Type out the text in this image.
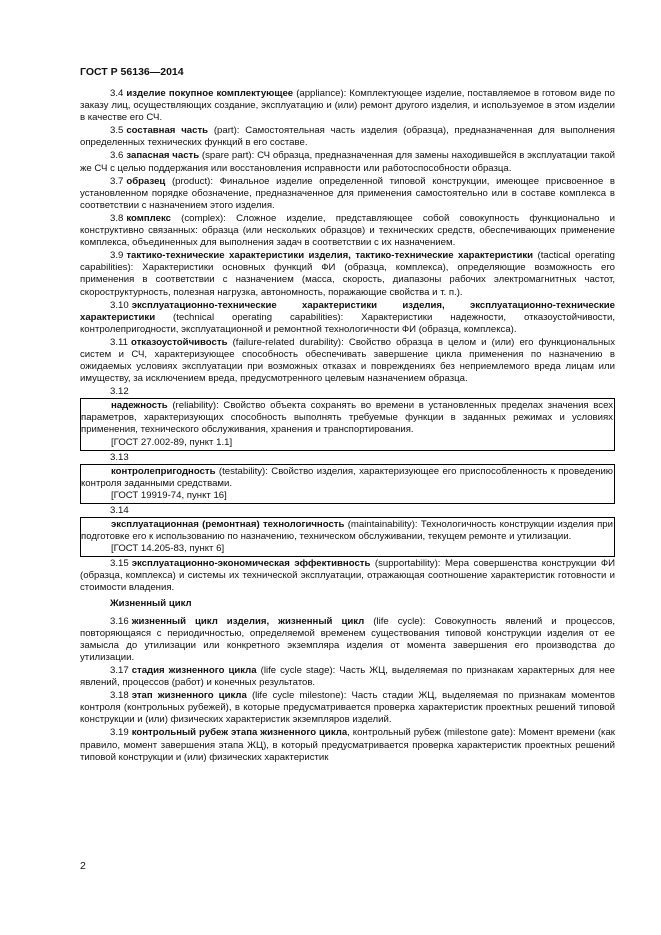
ГОСТ Р 56136—2014

3.4 изделие покупное комплектующее (appliance): Комплектующее изделие, поставляемое в готовом виде по заказу лиц, осуществляющих создание, эксплуатацию и (или) ремонт другого изделия, и используемое в этом изделии в качестве его СЧ.

3.5 составная часть (part): Самостоятельная часть изделия (образца), предназначенная для выполнения определенных технических функций в его составе.

3.6 запасная часть (spare part): СЧ образца, предназначенная для замены находившейся в эксплуатации такой же СЧ с целью поддержания или восстановления исправности или работоспособности образца.

3.7 образец (product): Финальное изделие определенной типовой конструкции, имеющее присвоенное в установленном порядке обозначение, предназначенное для применения самостоятельно или в составе комплекса в соответствии с назначением этого изделия.

3.8 комплекс (complex): Сложное изделие, представляющее собой совокупность функционально и конструктивно связанных: образца (или нескольких образцов) и технических средств, обеспечивающих применение комплекса, объединенных для выполнения задач в соответствии с их назначением.

3.9 тактико-технические характеристики изделия, тактико-технические характеристики (tactical operating capabilities): Характеристики основных функций ФИ (образца, комплекса), определяющие возможность его применения в соответствии с назначением (масса, скорость, диапазоны рабочих электромагнитных частот, скороструктурность, полезная нагрузка, автономность, поражающие свойства и т. п.).

3.10 эксплуатационно-технические характеристики изделия, эксплуатационно-технические характеристики (technical operating capabilities): Характеристики надежности, отказоустойчивости, контролепригодности, эксплуатационной и ремонтной технологичности ФИ (образца, комплекса).

3.11 отказоустойчивость (failure-related durability): Свойство образца в целом и (или) его функциональных систем и СЧ, характеризующее способность обеспечивать завершение цикла применения по назначению в ожидаемых условиях эксплуатации при возможных отказах и повреждениях без неприемлемого вреда лицам или имуществу, за исключением вреда, предусмотренного целевым назначением образца.

3.12

надежность (reliability): Свойство объекта сохранять во времени в установленных пределах значения всех параметров, характеризующих способность выполнять требуемые функции в заданных режимах и условиях применения, технического обслуживания, хранения и транспортирования.

[ГОСТ 27.002-89, пункт 1.1]

3.13

контролепригодность (testability): Свойство изделия, характеризующее его приспособленность к проведению контроля заданными средствами.

[ГОСТ 19919-74, пункт 16]

3.14

эксплуатационная (ремонтная) технологичность (maintainability): Технологичность конструкции изделия при подготовке его к использованию по назначению, техническом обслуживании, текущем ремонте и утилизации.

[ГОСТ 14.205-83, пункт 6]

3.15 эксплуатационно-экономическая эффективность (supportability): Мера совершенства конструкции ФИ (образца, комплекса) и системы их технической эксплуатации, отражающая соотношение характеристик готовности и стоимости владения.

Жизненный цикл

3.16 жизненный цикл изделия, жизненный цикл (life cycle): Совокупность явлений и процессов, повторяющаяся с периодичностью, определяемой временем существования типовой конструкции изделия от ее замысла до утилизации или конкретного экземпляра изделия от момента завершения его производства до утилизации.

3.17 стадия жизненного цикла (life cycle stage): Часть ЖЦ, выделяемая по признакам характерных для нее явлений, процессов (работ) и конечных результатов.

3.18 этап жизненного цикла (life cycle milestone): Часть стадии ЖЦ, выделяемая по признакам моментов контроля (контрольных рубежей), в которые предусматривается проверка характеристик проектных решений типовой конструкции и (или) физических характеристик экземпляров изделий.

3.19 контрольный рубеж этапа жизненного цикла, контрольный рубеж (milestone gate): Момент времени (как правило, момент завершения этапа ЖЦ), в который предусматривается проверка характеристик проектных решений типовой конструкции и (или) физических характеристик

2
